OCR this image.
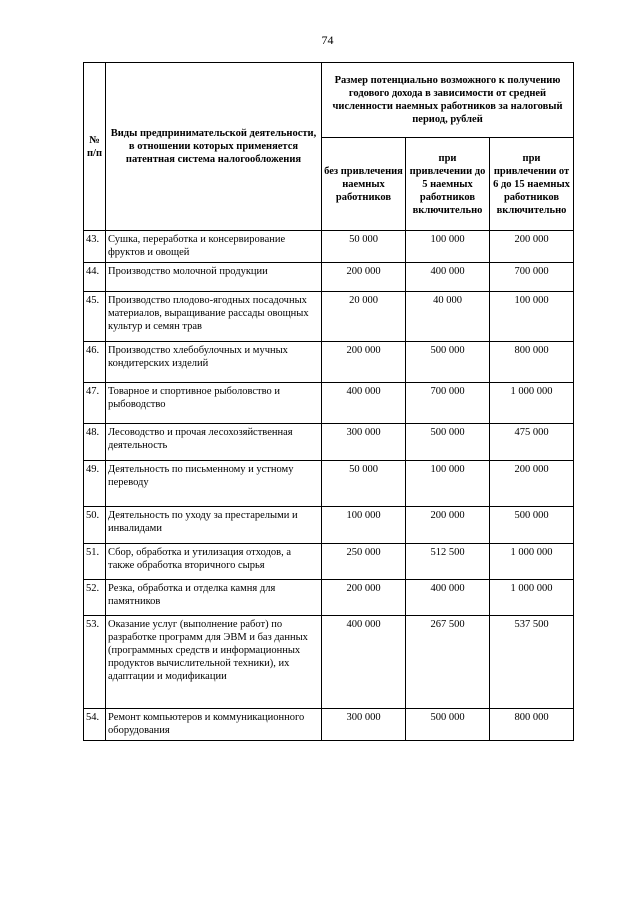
74
№ п/п	Виды предпринимательской деятельности, в отношении которых применяется патентная система налогообложения	Размер потенциально возможного к получению годового дохода в зависимости от средней численности наемных работников за налоговый период, рублей		
		без привлечения наемных работников	при привлечении до 5 наемных работников включительно	при привлечении от 6 до 15 наемных работников включительно
43.	Сушка, переработка и консервирование фруктов и овощей	50 000	100 000	200 000
44.	Производство молочной продукции	200 000	400 000	700 000
45.	Производство плодово-ягодных посадочных материалов, выращивание рассады овощных культур и семян трав	20 000	40 000	100 000
46.	Производство хлебобулочных и мучных кондитерских изделий	200 000	500 000	800 000
47.	Товарное и спортивное рыболовство и рыбоводство	400 000	700 000	1 000 000
48.	Лесоводство и прочая лесохозяйственная деятельность	300 000	500 000	475 000
49.	Деятельность по письменному и устному переводу	50 000	100 000	200 000
50.	Деятельность по уходу за престарелыми и инвалидами	100 000	200 000	500 000
51.	Сбор, обработка и утилизация отходов, а также обработка вторичного сырья	250 000	512 500	1 000 000
52.	Резка, обработка и отделка камня для памятников	200 000	400 000	1 000 000
53.	Оказание услуг (выполнение работ) по разработке программ для ЭВМ и баз данных (программных средств и информационных продуктов вычислительной техники), их адаптации и модификации	400 000	267 500	537 500
54.	Ремонт компьютеров и коммуникационного оборудования	300 000	500 000	800 000
